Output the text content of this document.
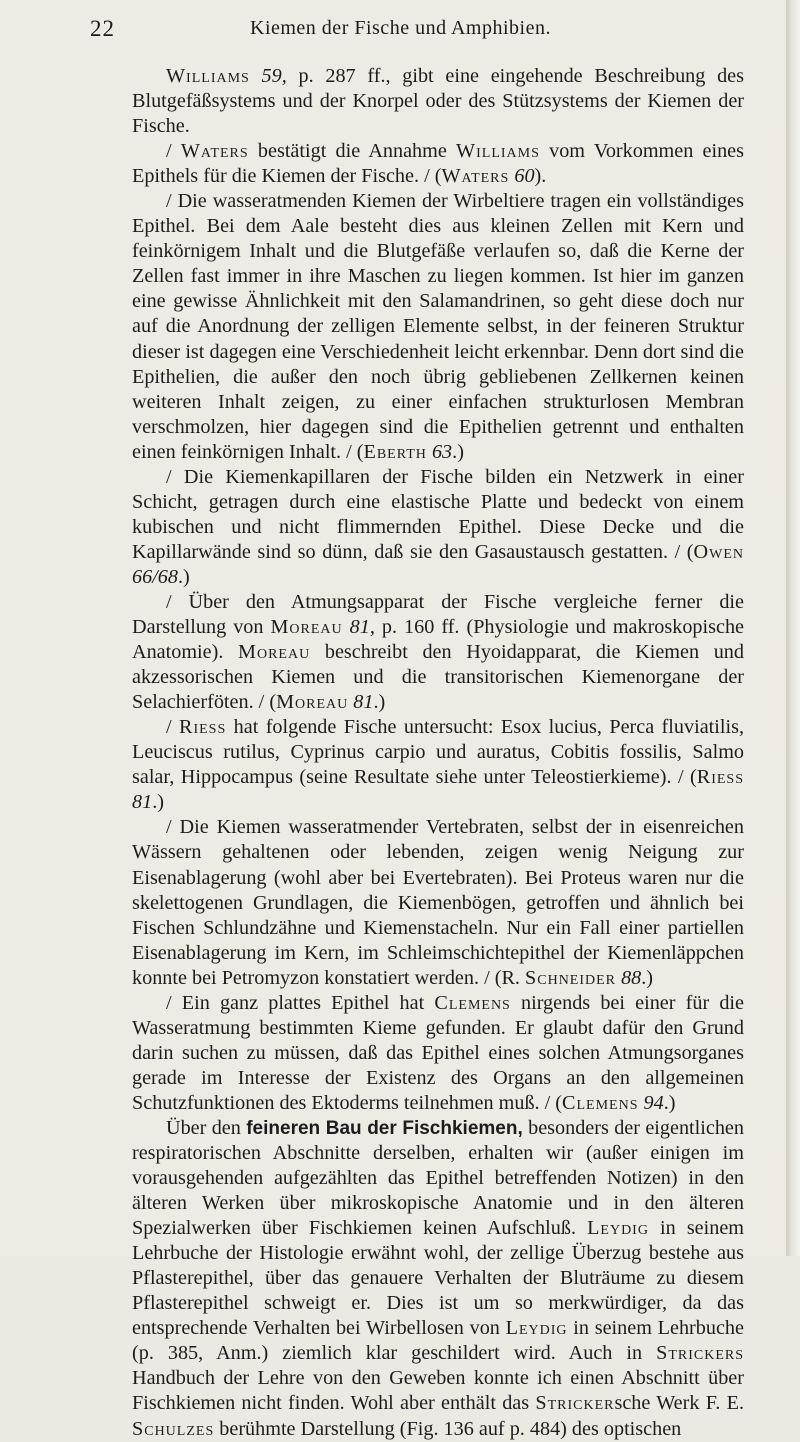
22	Kiemen der Fische und Amphibien.

Williams 59, p. 287 ff., gibt eine eingehende Beschreibung des Blutgefäßsystems und der Knorpel oder des Stützsystems der Kiemen der Fische.

/ Waters bestätigt die Annahme Williams vom Vorkommen eines Epithels für die Kiemen der Fische. / (Waters 60).

/ Die wasseratmenden Kiemen der Wirbeltiere tragen ein vollständiges Epithel. Bei dem Aale besteht dies aus kleinen Zellen mit Kern und feinkörnigem Inhalt und die Blutgefäße verlaufen so, daß die Kerne der Zellen fast immer in ihre Maschen zu liegen kommen. Ist hier im ganzen eine gewisse Ähnlichkeit mit den Salamandrinen, so geht diese doch nur auf die Anordnung der zelligen Elemente selbst, in der feineren Struktur dieser ist dagegen eine Verschiedenheit leicht erkennbar. Denn dort sind die Epithelien, die außer den noch übrig gebliebenen Zellkernen keinen weiteren Inhalt zeigen, zu einer einfachen strukturlosen Membran verschmolzen, hier dagegen sind die Epithelien getrennt und enthalten einen feinkörnigen Inhalt. / (Eberth 63.)

/ Die Kiemenkapillaren der Fische bilden ein Netzwerk in einer Schicht, getragen durch eine elastische Platte und bedeckt von einem kubischen und nicht flimmernden Epithel. Diese Decke und die Kapillarwände sind so dünn, daß sie den Gasaustausch gestatten. / (Owen 66/68.)

/ Über den Atmungsapparat der Fische vergleiche ferner die Darstellung von Moreau 81, p. 160 ff. (Physiologie und makroskopische Anatomie). Moreau beschreibt den Hyoidapparat, die Kiemen und akzessorischen Kiemen und die transitorischen Kiemenorgane der Selachierföten. / (Moreau 81.)

/ Riess hat folgende Fische untersucht: Esox lucius, Perca fluviatilis, Leuciscus rutilus, Cyprinus carpio und auratus, Cobitis fossilis, Salmo salar, Hippocampus (seine Resultate siehe unter Teleostierkieme). / (Riess 81.)

/ Die Kiemen wasseratmender Vertebraten, selbst der in eisenreichen Wässern gehaltenen oder lebenden, zeigen wenig Neigung zur Eisenablagerung (wohl aber bei Evertebraten). Bei Proteus waren nur die skelettogenen Grundlagen, die Kiemenbögen, getroffen und ähnlich bei Fischen Schlundzähne und Kiemenstacheln. Nur ein Fall einer partiellen Eisenablagerung im Kern, im Schleimschichtepithel der Kiemenläppchen konnte bei Petromyzon konstatiert werden. / (R. Schneider 88.)

/ Ein ganz plattes Epithel hat Clemens nirgends bei einer für die Wasseratmung bestimmten Kieme gefunden. Er glaubt dafür den Grund darin suchen zu müssen, daß das Epithel eines solchen Atmungsorganes gerade im Interesse der Existenz des Organs an den allgemeinen Schutzfunktionen des Ektoderms teilnehmen muß. / (Clemens 94.)

Über den feineren Bau der Fischkiemen, besonders der eigentlichen respiratorischen Abschnitte derselben, erhalten wir (außer einigen im vorausgehenden aufgezählten das Epithel betreffenden Notizen) in den älteren Werken über mikroskopische Anatomie und in den älteren Spezialwerken über Fischkiemen keinen Aufschluß. Leydig in seinem Lehrbuche der Histologie erwähnt wohl, der zellige Überzug bestehe aus Pflasterepithel, über das genauere Verhalten der Bluträume zu diesem Pflasterepithel schweigt er. Dies ist um so merkwürdiger, da das entsprechende Verhalten bei Wirbellosen von Leydig in seinem Lehrbuche (p. 385, Anm.) ziemlich klar geschildert wird. Auch in Strickers Handbuch der Lehre von den Geweben konnte ich einen Abschnitt über Fischkiemen nicht finden. Wohl aber enthält das Strickersche Werk F. E. Schulzes berühmte Darstellung (Fig. 136 auf p. 484) des optischen
